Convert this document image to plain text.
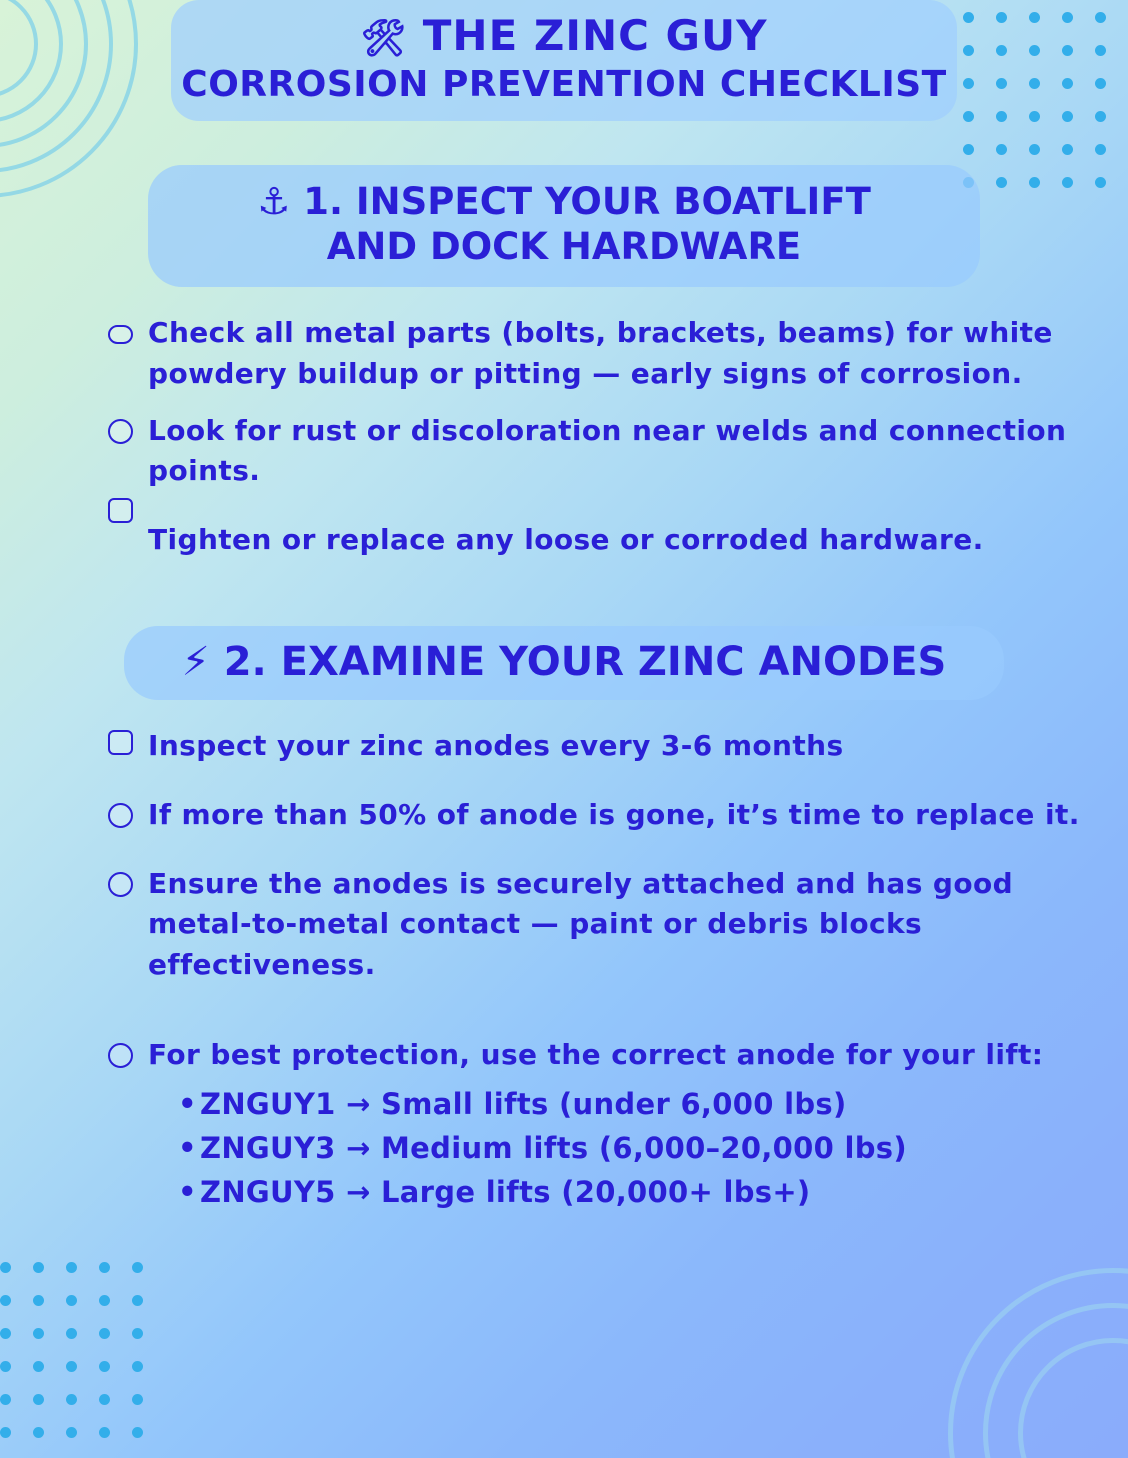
🛠 THE ZINC GUY
CORROSION PREVENTION CHECKLIST
⚓ 1. INSPECT YOUR BOATLIFT
AND DOCK HARDWARE
Check all metal parts (bolts, brackets, beams) for white powdery buildup or pitting — early signs of corrosion.
Look for rust or discoloration near welds and connection points.
Tighten or replace any loose or corroded hardware.
⚡ 2. EXAMINE YOUR ZINC ANODES
Inspect your zinc anodes every 3-6 months
If more than 50% of anode is gone, it’s time to replace it.
Ensure the anodes is securely attached and has good metal-to-metal contact — paint or debris blocks effectiveness.
For best protection, use the correct anode for your lift:
• ZNGUY1 → Small lifts (under 6,000 lbs)
• ZNGUY3 → Medium lifts (6,000–20,000 lbs)
• ZNGUY5 → Large lifts (20,000+ lbs+)
